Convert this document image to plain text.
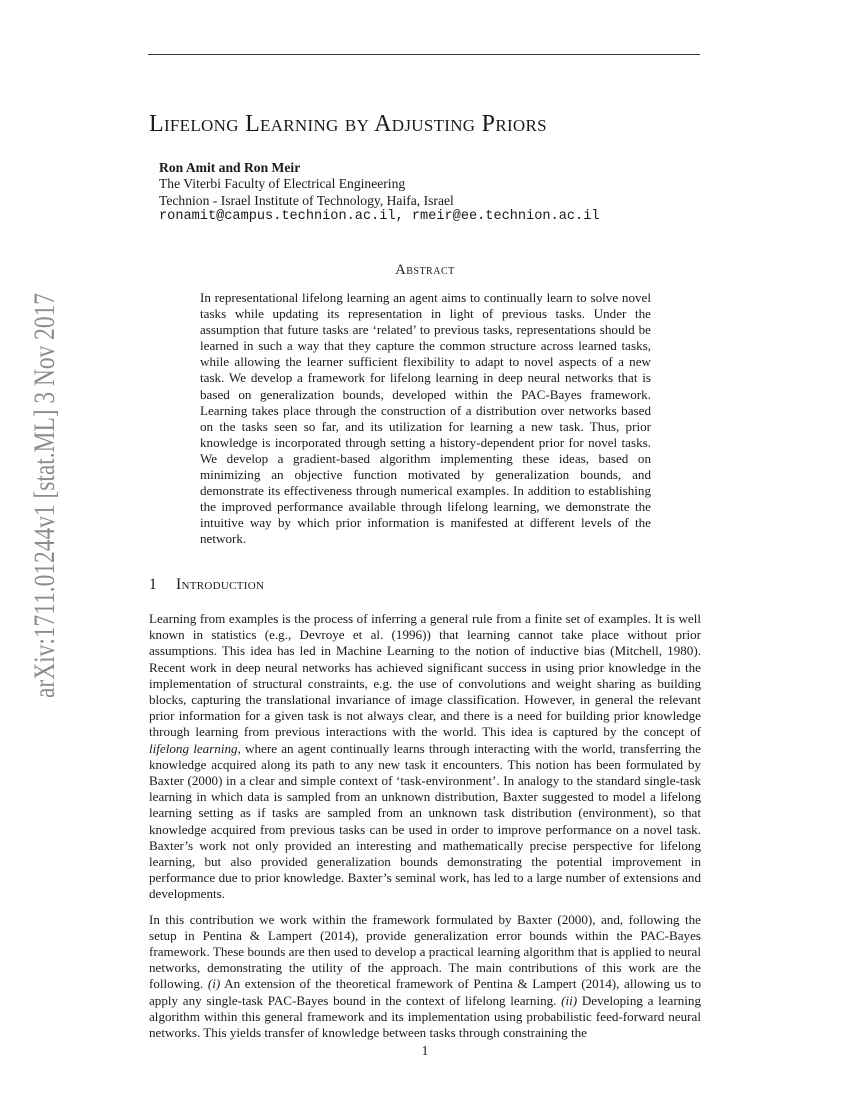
arXiv:1711.01244v1 [stat.ML] 3 Nov 2017
Lifelong Learning by Adjusting Priors
Ron Amit and Ron Meir
The Viterbi Faculty of Electrical Engineering
Technion - Israel Institute of Technology, Haifa, Israel
ronamit@campus.technion.ac.il, rmeir@ee.technion.ac.il
Abstract
In representational lifelong learning an agent aims to continually learn to solve novel tasks while updating its representation in light of previous tasks. Under the assumption that future tasks are ‘related’ to previous tasks, representations should be learned in such a way that they capture the common structure across learned tasks, while allowing the learner sufficient flexibility to adapt to novel aspects of a new task. We develop a framework for lifelong learning in deep neural networks that is based on generalization bounds, developed within the PAC-Bayes framework. Learning takes place through the construction of a distribution over networks based on the tasks seen so far, and its utilization for learning a new task. Thus, prior knowledge is incorporated through setting a history-dependent prior for novel tasks. We develop a gradient-based algorithm implementing these ideas, based on minimizing an objective function motivated by generalization bounds, and demonstrate its effectiveness through numerical examples. In addition to establishing the improved performance available through lifelong learning, we demonstrate the intuitive way by which prior information is manifested at different levels of the network.
1 Introduction

Learning from examples is the process of inferring a general rule from a finite set of examples. It is well known in statistics (e.g., Devroye et al. (1996)) that learning cannot take place without prior assumptions. This idea has led in Machine Learning to the notion of inductive bias (Mitchell, 1980). Recent work in deep neural networks has achieved significant success in using prior knowledge in the implementation of structural constraints, e.g. the use of convolutions and weight sharing as building blocks, capturing the translational invariance of image classification. However, in general the relevant prior information for a given task is not always clear, and there is a need for building prior knowledge through learning from previous interactions with the world. This idea is captured by the concept of lifelong learning, where an agent continually learns through interacting with the world, transferring the knowledge acquired along its path to any new task it encounters. This notion has been formulated by Baxter (2000) in a clear and simple context of ‘task-environment’. In analogy to the standard single-task learning in which data is sampled from an unknown distribution, Baxter suggested to model a lifelong learning setting as if tasks are sampled from an unknown task distribution (environment), so that knowledge acquired from previous tasks can be used in order to improve performance on a novel task. Baxter’s work not only provided an interesting and mathematically precise perspective for lifelong learning, but also provided generalization bounds demonstrating the potential improvement in performance due to prior knowledge. Baxter’s seminal work, has led to a large number of extensions and developments.

In this contribution we work within the framework formulated by Baxter (2000), and, following the setup in Pentina & Lampert (2014), provide generalization error bounds within the PAC-Bayes framework. These bounds are then used to develop a practical learning algorithm that is applied to neural networks, demonstrating the utility of the approach. The main contributions of this work are the following. (i) An extension of the theoretical framework of Pentina & Lampert (2014), allowing us to apply any single-task PAC-Bayes bound in the context of lifelong learning. (ii) Developing a learning algorithm within this general framework and its implementation using probabilistic feed-forward neural networks. This yields transfer of knowledge between tasks through constraining the

1
